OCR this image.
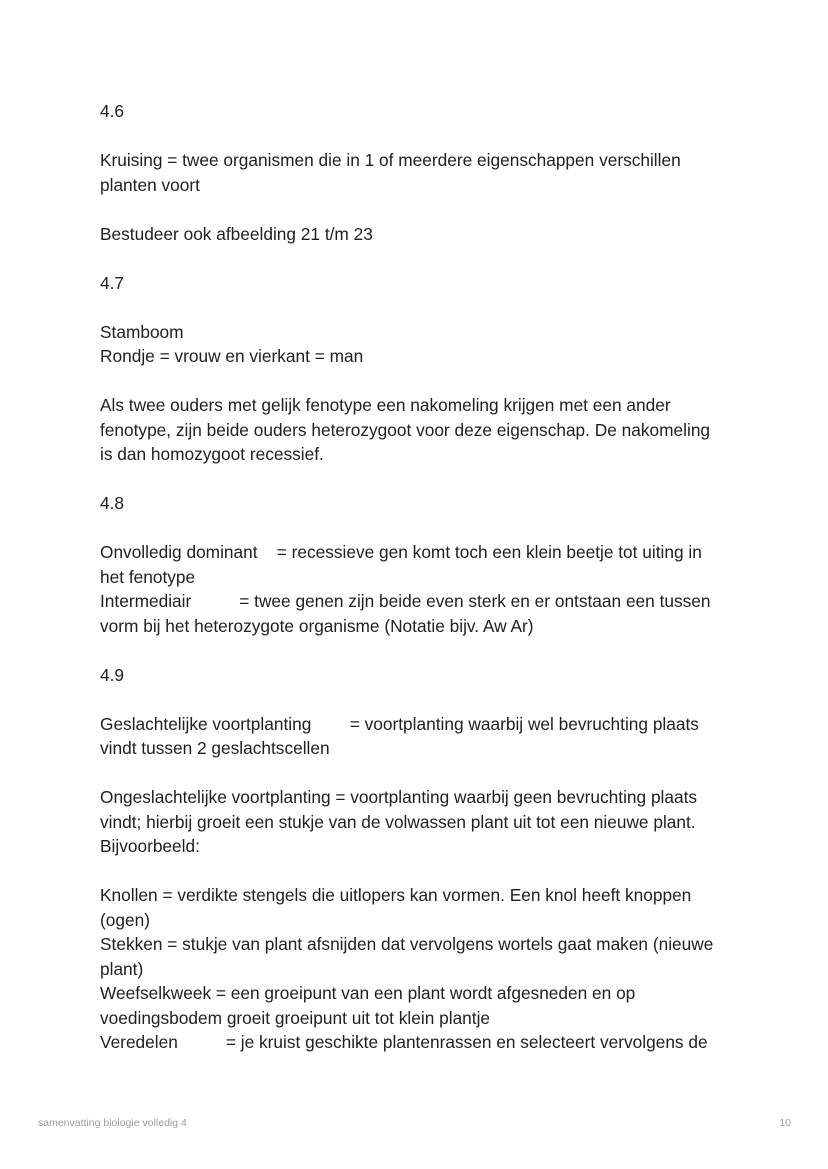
4.6
Kruising = twee organismen die in 1 of meerdere eigenschappen verschillen
planten voort
Bestudeer ook afbeelding 21 t/m 23
4.7
Stamboom
Rondje = vrouw en vierkant = man
Als twee ouders met gelijk fenotype een nakomeling krijgen met een ander
fenotype, zijn beide ouders heterozygoot voor deze eigenschap. De nakomeling
is dan homozygoot recessief.
4.8
Onvolledig dominant    = recessieve gen komt toch een klein beetje tot uiting in
het fenotype
Intermediair          = twee genen zijn beide even sterk en er ontstaan een tussen
vorm bij het heterozygote organisme (Notatie bijv. Aw Ar)
4.9
Geslachtelijke voortplanting        = voortplanting waarbij wel bevruchting plaats
vindt tussen 2 geslachtscellen
Ongeslachtelijke voortplanting = voortplanting waarbij geen bevruchting plaats
vindt; hierbij groeit een stukje van de volwassen plant uit tot een nieuwe plant.
Bijvoorbeeld:
Knollen = verdikte stengels die uitlopers kan vormen. Een knol heeft knoppen
(ogen)
Stekken = stukje van plant afsnijden dat vervolgens wortels gaat maken (nieuwe
plant)
Weefselkweek = een groeipunt van een plant wordt afgesneden en op
voedingsbodem groeit groeipunt uit tot klein plantje
Veredelen          = je kruist geschikte plantenrassen en selecteert vervolgens de
samenvatting biologie volledig 4	10
